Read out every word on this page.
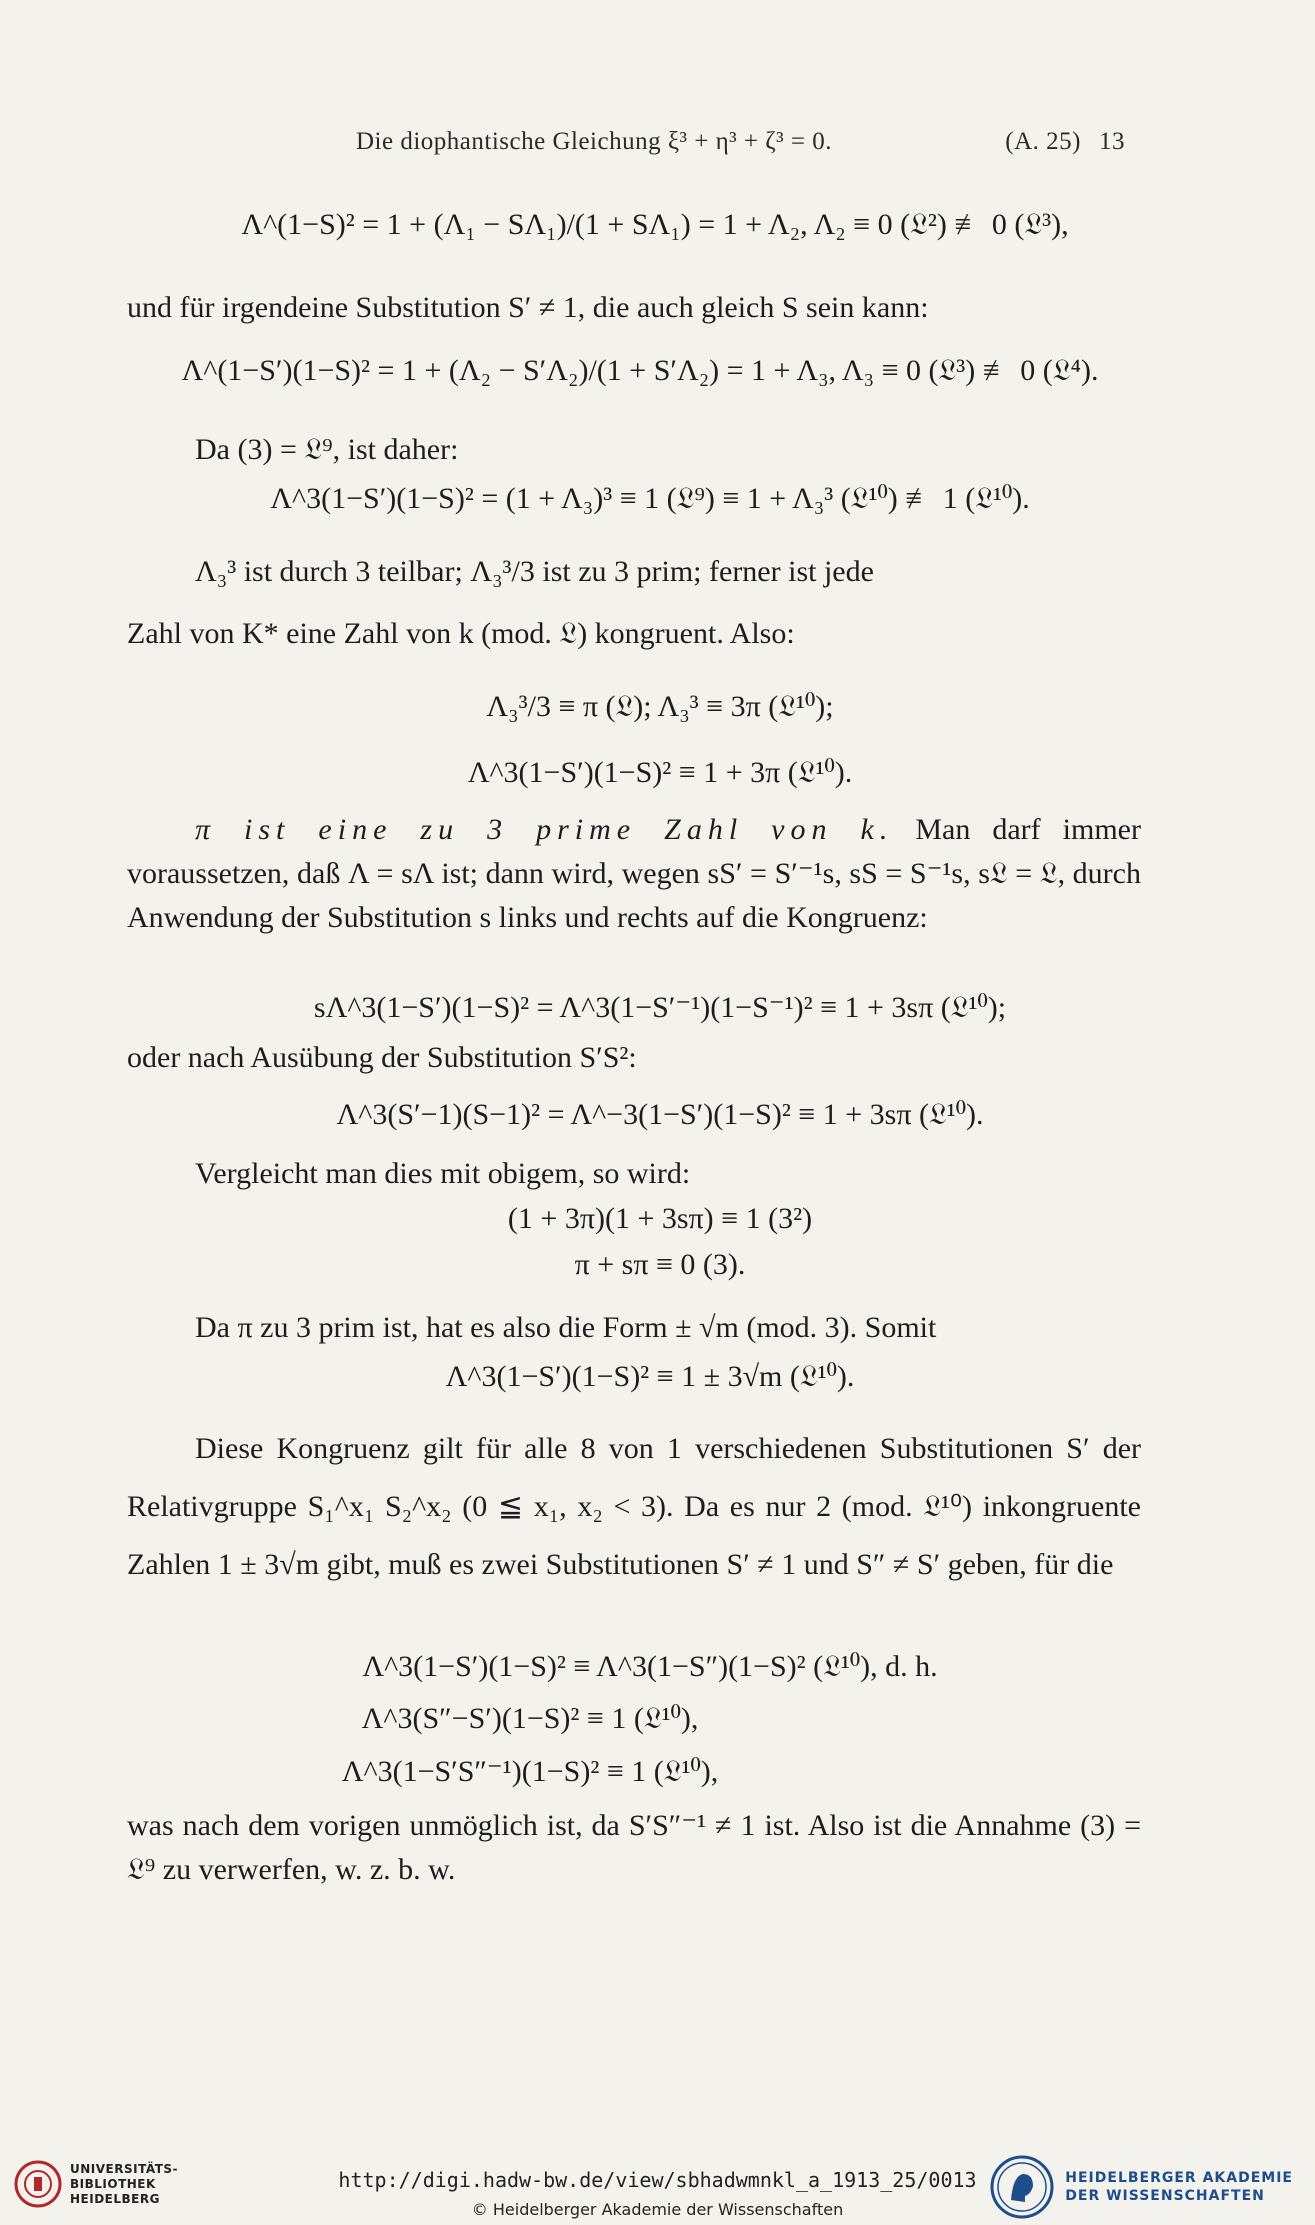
Die diophantische Gleichung ξ³ + η³ + ζ³ = 0.	(A. 25) 13
Λ^(1−S)² = 1 + (Λ₁ − SΛ₁)/(1 + SΛ₁) = 1 + Λ₂, Λ₂ ≡ 0 (𝔏²) ≢ 0 (𝔏³),
und für irgendeine Substitution S′ ≠ 1, die auch gleich S sein kann:
Λ^(1−S′)(1−S)² = 1 + (Λ₂ − S′Λ₂)/(1 + S′Λ₂) = 1 + Λ₃, Λ₃ ≡ 0 (𝔏³) ≢ 0 (𝔏⁴).
Da (3) = 𝔏⁹, ist daher:
Λ^3(1−S′)(1−S)² = (1 + Λ₃)³ ≡ 1 (𝔏⁹) ≡ 1 + Λ₃³ (𝔏¹⁰) ≢ 1 (𝔏¹⁰).
Λ₃³ ist durch 3 teilbar; Λ₃³/3 ist zu 3 prim; ferner ist jede
Zahl von K* eine Zahl von k (mod. 𝔏) kongruent. Also:
Λ₃³/3 ≡ π (𝔏); Λ₃³ ≡ 3π (𝔏¹⁰);
Λ^3(1−S′)(1−S)² ≡ 1 + 3π (𝔏¹⁰).
π ist eine zu 3 prime Zahl von k. Man darf immer voraussetzen, daß Λ = sΛ ist; dann wird, wegen sS′ = S′⁻¹s, sS = S⁻¹s, s𝔏 = 𝔏, durch Anwendung der Substitution s links und rechts auf die Kongruenz:
sΛ^3(1−S′)(1−S)² = Λ^3(1−S′⁻¹)(1−S⁻¹)² ≡ 1 + 3sπ (𝔏¹⁰);
oder nach Ausübung der Substitution S′S²:
Λ^3(S′−1)(S−1)² = Λ^−3(1−S′)(1−S)² ≡ 1 + 3sπ (𝔏¹⁰).
Vergleicht man dies mit obigem, so wird:
(1 + 3π)(1 + 3sπ) ≡ 1 (3²)
π + sπ ≡ 0 (3).
Da π zu 3 prim ist, hat es also die Form ± √m (mod. 3). Somit
Λ^3(1−S′)(1−S)² ≡ 1 ± 3√m (𝔏¹⁰).
Diese Kongruenz gilt für alle 8 von 1 verschiedenen Substitutionen S′ der Relativgruppe S₁^x₁ S₂^x₂ (0 ≦ x₁, x₂ < 3). Da es nur 2 (mod. 𝔏¹⁰) inkongruente Zahlen 1 ± 3√m gibt, muß es zwei Substitutionen S′ ≠ 1 und S″ ≠ S′ geben, für die
Λ^3(1−S′)(1−S)² ≡ Λ^3(1−S″)(1−S)² (𝔏¹⁰), d. h.
Λ^3(S″−S′)(1−S)² ≡ 1 (𝔏¹⁰),
Λ^3(1−S′S″⁻¹)(1−S)² ≡ 1 (𝔏¹⁰),
was nach dem vorigen unmöglich ist, da S′S″⁻¹ ≠ 1 ist. Also ist die Annahme (3) = 𝔏⁹ zu verwerfen, w. z. b. w.
UNIVERSITÄTS-
BIBLIOTHEK
HEIDELBERG
http://digi.hadw-bw.de/view/sbhadwmnkl_a_1913_25/0013
© Heidelberger Akademie der Wissenschaften
HEIDELBERGER AKADEMIE
DER WISSENSCHAFTEN
